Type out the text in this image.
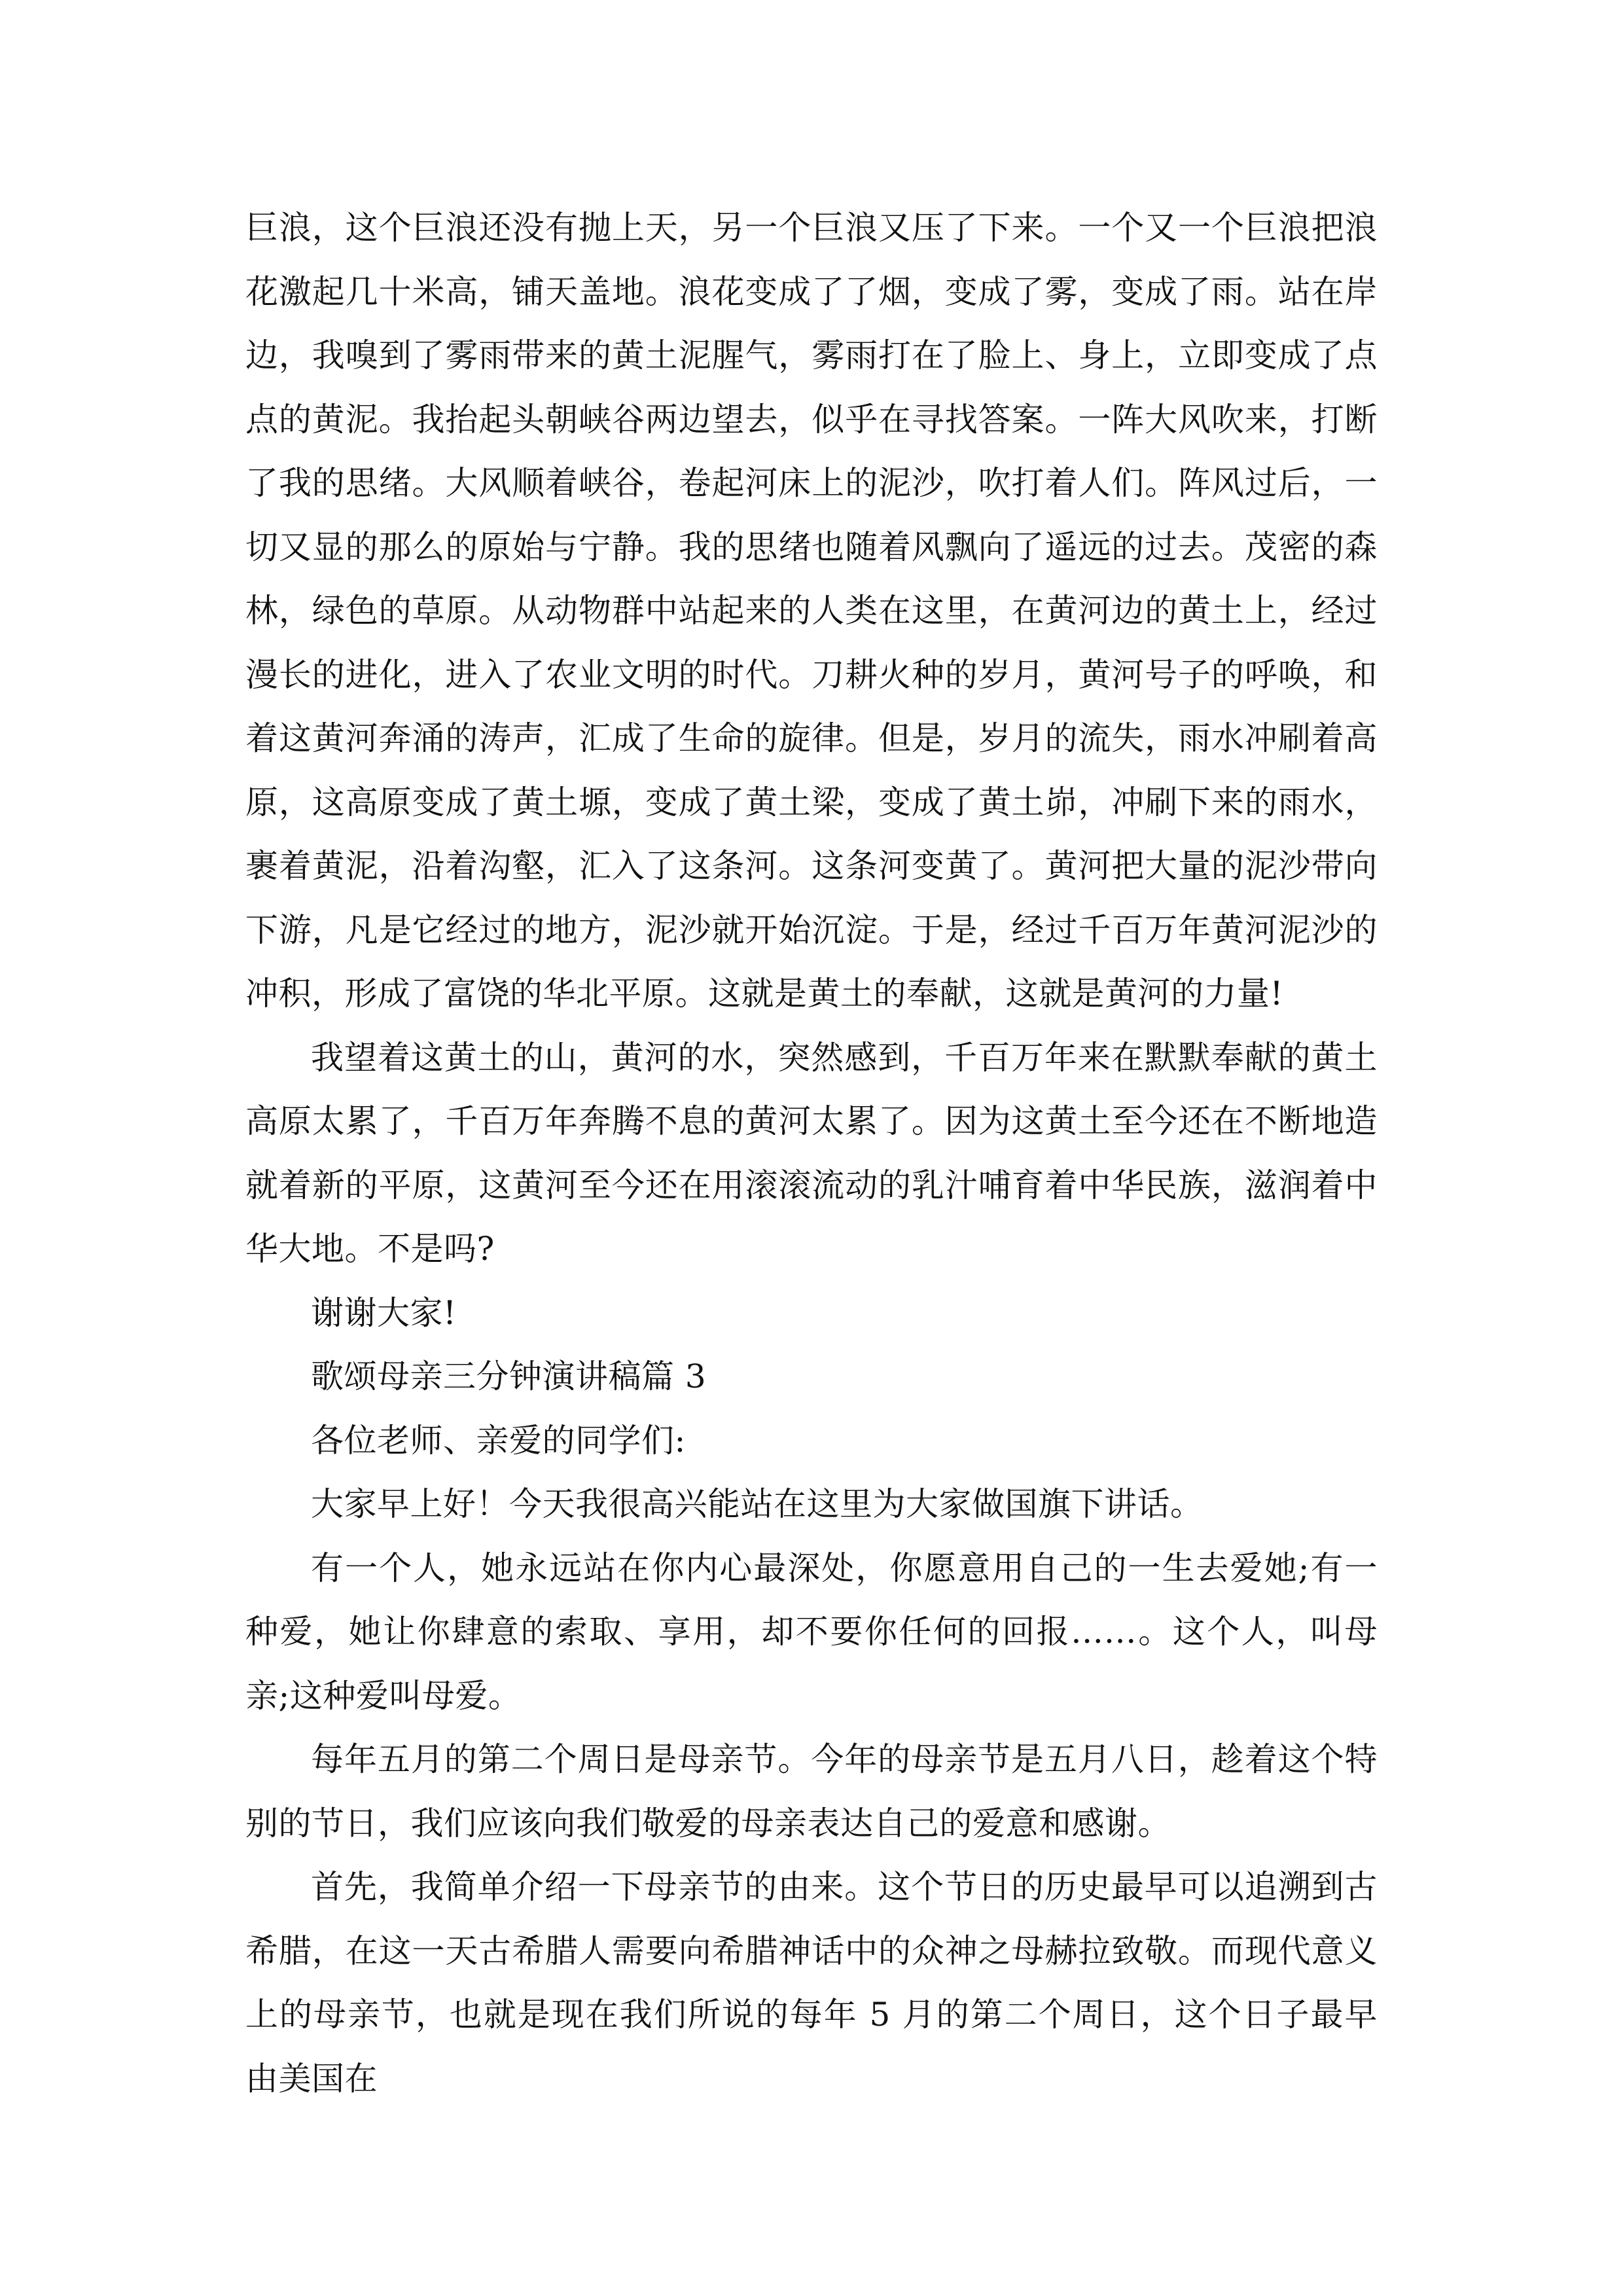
巨浪，这个巨浪还没有抛上天，另一个巨浪又压了下来。一个又一个巨浪把浪花激起几十米高，铺天盖地。浪花变成了了烟，变成了雾，变成了雨。站在岸边，我嗅到了雾雨带来的黄土泥腥气，雾雨打在了脸上、身上，立即变成了点点的黄泥。我抬起头朝峡谷两边望去，似乎在寻找答案。一阵大风吹来，打断了我的思绪。大风顺着峡谷，卷起河床上的泥沙，吹打着人们。阵风过后，一切又显的那么的原始与宁静。我的思绪也随着风飘向了遥远的过去。茂密的森林，绿色的草原。从动物群中站起来的人类在这里，在黄河边的黄土上，经过漫长的进化，进入了农业文明的时代。刀耕火种的岁月，黄河号子的呼唤，和着这黄河奔涌的涛声，汇成了生命的旋律。但是，岁月的流失，雨水冲刷着高原，这高原变成了黄土塬，变成了黄土梁，变成了黄土峁，冲刷下来的雨水，裹着黄泥，沿着沟壑，汇入了这条河。这条河变黄了。黄河把大量的泥沙带向下游，凡是它经过的地方，泥沙就开始沉淀。于是，经过千百万年黄河泥沙的冲积，形成了富饶的华北平原。这就是黄土的奉献，这就是黄河的力量!

我望着这黄土的山，黄河的水，突然感到，千百万年来在默默奉献的黄土高原太累了，千百万年奔腾不息的黄河太累了。因为这黄土至今还在不断地造就着新的平原，这黄河至今还在用滚滚流动的乳汁哺育着中华民族，滋润着中华大地。不是吗?

谢谢大家!

歌颂母亲三分钟演讲稿篇 3

各位老师、亲爱的同学们:

大家早上好！今天我很高兴能站在这里为大家做国旗下讲话。

有一个人，她永远站在你内心最深处，你愿意用自己的一生去爱她;有一种爱，她让你肆意的索取、享用，却不要你任何的回报……。这个人，叫母亲;这种爱叫母爱。

每年五月的第二个周日是母亲节。今年的母亲节是五月八日，趁着这个特别的节日，我们应该向我们敬爱的母亲表达自己的爱意和感谢。

首先，我简单介绍一下母亲节的由来。这个节日的历史最早可以追溯到古希腊，在这一天古希腊人需要向希腊神话中的众神之母赫拉致敬。而现代意义上的母亲节，也就是现在我们所说的每年 5 月的第二个周日，这个日子最早由美国在
